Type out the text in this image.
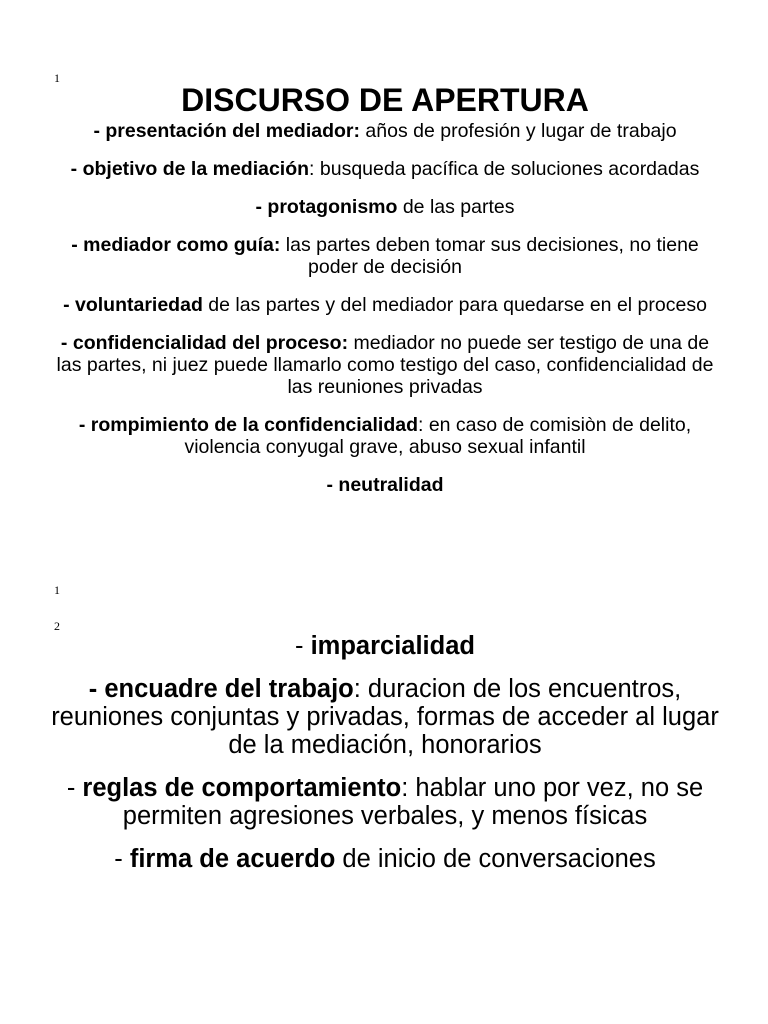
1
DISCURSO DE APERTURA
- presentación del mediador: años de profesión y lugar de trabajo
- objetivo de la mediación: busqueda pacífica de soluciones acordadas
- protagonismo de las partes
- mediador como guía: las partes deben tomar sus decisiones, no tiene poder de decisión
- voluntariedad de las partes y del mediador para quedarse en el proceso
- confidencialidad del proceso: mediador no puede ser testigo de una de las partes, ni juez puede llamarlo como testigo del caso, confidencialidad de las reuniones privadas
- rompimiento de la confidencialidad: en caso de comisiòn de delito, violencia conyugal grave, abuso sexual infantil
- neutralidad
1
2
- imparcialidad
- encuadre del trabajo: duracion de los encuentros, reuniones conjuntas y privadas, formas de acceder al lugar de la mediación, honorarios
- reglas de comportamiento: hablar uno por vez, no se permiten agresiones verbales, y menos físicas
- firma de acuerdo de inicio de conversaciones
